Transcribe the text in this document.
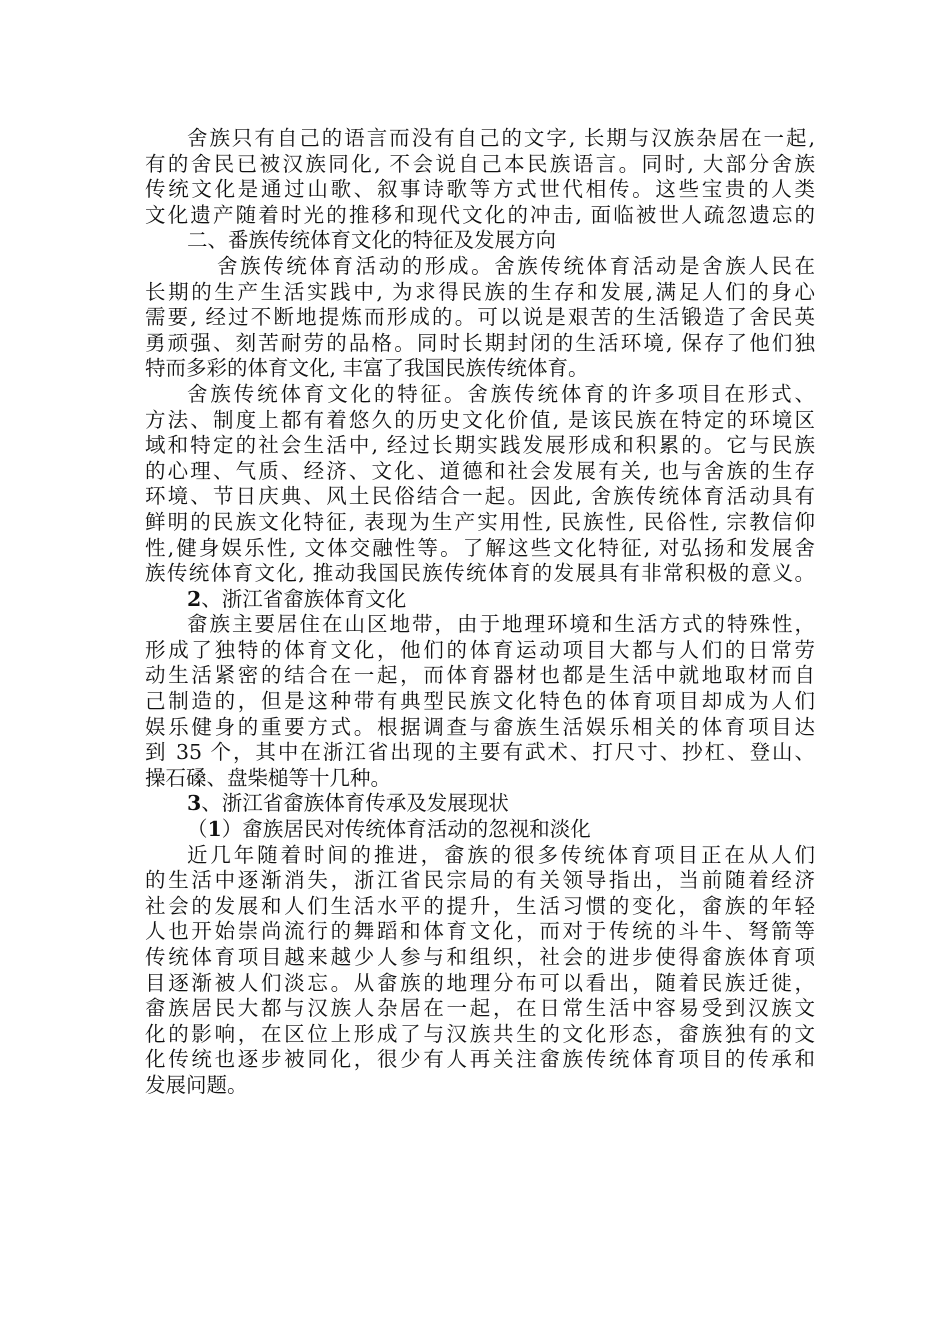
舍族只有自己的语言而没有自己的文字, 长期与汉族杂居在一起,
有的舍民已被汉族同化, 不会说自己本民族语言。同时, 大部分舍族
传统文化是通过山歌、叙事诗歌等方式世代相传。这些宝贵的人类
文化遗产随着时光的推移和现代文化的冲击, 面临被世人疏忽遗忘的
二、番族传统体育文化的特征及发展方向
舍族传统体育活动的形成。舍族传统体育活动是舍族人民在
长期的生产生活实践中, 为求得民族的生存和发展,满足人们的身心
需要, 经过不断地提炼而形成的。可以说是艰苦的生活锻造了舍民英
勇顽强、刻苦耐劳的品格。同时长期封闭的生活环境, 保存了他们独
特而多彩的体育文化, 丰富了我国民族传统体育。
舍族传统体育文化的特征。舍族传统体育的许多项目在形式、
方法、制度上都有着悠久的历史文化价值, 是该民族在特定的环境区
域和特定的社会生活中, 经过长期实践发展形成和积累的。它与民族
的心理、气质、经济、文化、道德和社会发展有关, 也与舍族的生存
环境、节日庆典、风土民俗结合一起。因此, 舍族传统体育活动具有
鲜明的民族文化特征, 表现为生产实用性, 民族性, 民俗性, 宗教信仰
性,健身娱乐性, 文体交融性等。了解这些文化特征, 对弘扬和发展舍
族传统体育文化, 推动我国民族传统体育的发展具有非常积极的意义。
2、浙江省畲族体育文化
畲族主要居住在山区地带，由于地理环境和生活方式的特殊性，
形成了独特的体育文化，他们的体育运动项目大都与人们的日常劳
动生活紧密的结合在一起，而体育器材也都是生活中就地取材而自
己制造的，但是这种带有典型民族文化特色的体育项目却成为人们
娱乐健身的重要方式。根据调查与畲族生活娱乐相关的体育项目达
到 35 个，其中在浙江省出现的主要有武术、打尺寸、抄杠、登山、
操石磉、盘柴槌等十几种。
3、浙江省畲族体育传承及发展现状
（1）畲族居民对传统体育活动的忽视和淡化
近几年随着时间的推进，畲族的很多传统体育项目正在从人们
的生活中逐渐消失，浙江省民宗局的有关领导指出，当前随着经济
社会的发展和人们生活水平的提升，生活习惯的变化，畲族的年轻
人也开始崇尚流行的舞蹈和体育文化，而对于传统的斗牛、弩箭等
传统体育项目越来越少人参与和组织，社会的进步使得畲族体育项
目逐渐被人们淡忘。从畲族的地理分布可以看出，随着民族迁徙，
畲族居民大都与汉族人杂居在一起，在日常生活中容易受到汉族文
化的影响，在区位上形成了与汉族共生的文化形态，畲族独有的文
化传统也逐步被同化，很少有人再关注畲族传统体育项目的传承和
发展问题。
